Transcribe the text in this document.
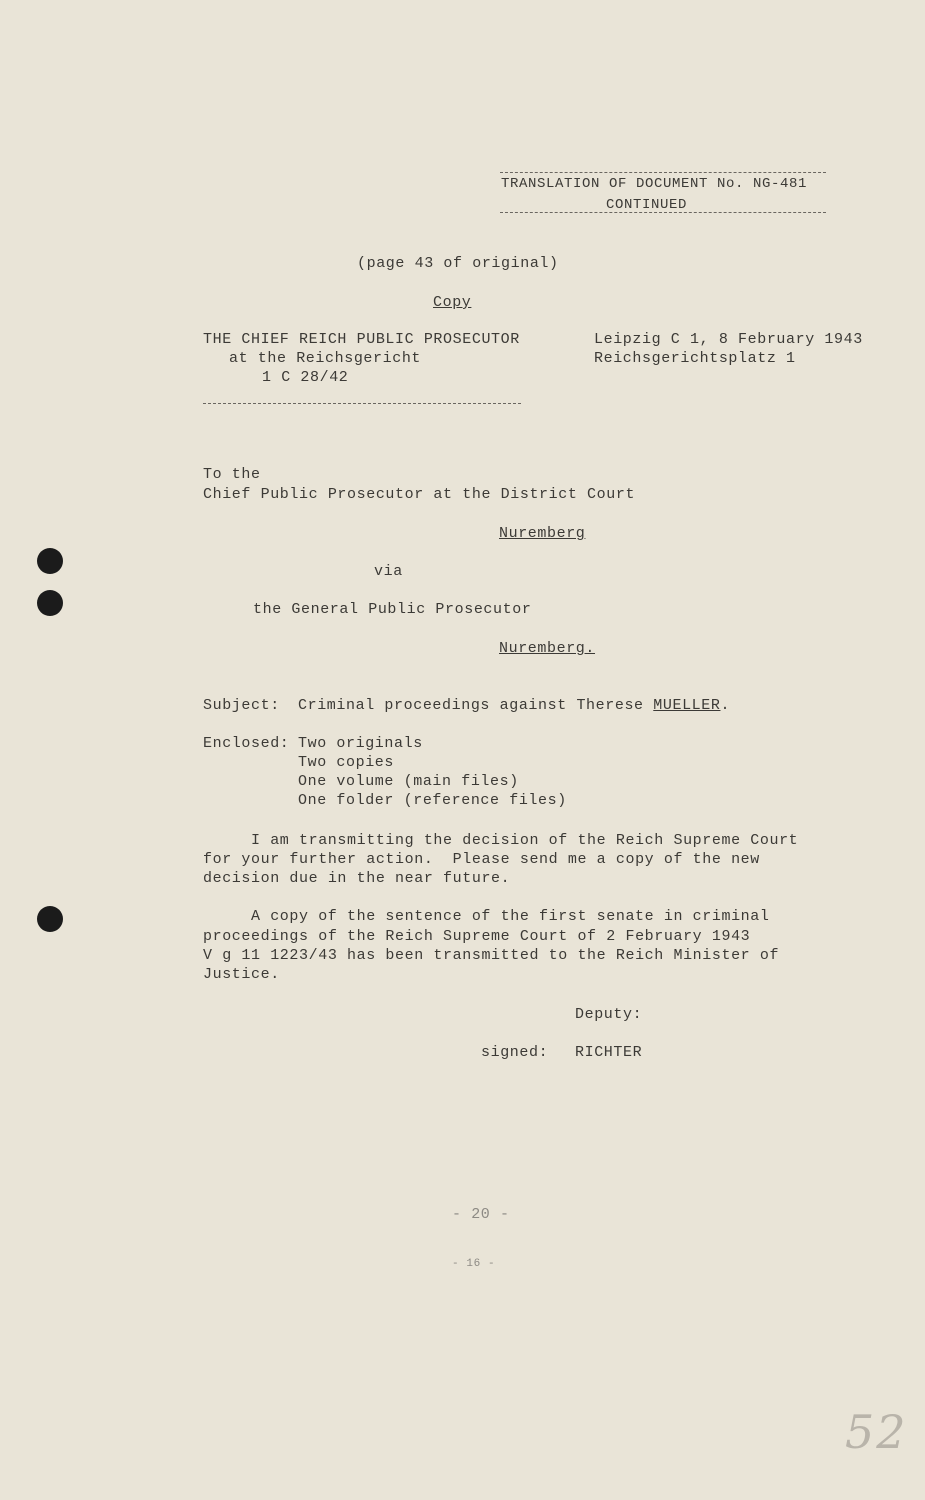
TRANSLATION OF DOCUMENT No. NG-481
CONTINUED
(page 43 of original)
Copy
THE CHIEF REICH PUBLIC PROSECUTOR
at the Reichsgericht
1 C 28/42
Leipzig C 1, 8 February 1943
Reichsgerichtsplatz 1
To the
Chief Public Prosecutor at the District Court
Nuremberg
via
the General Public Prosecutor
Nuremberg.
Subject: Criminal proceedings against Therese MUELLER.
Enclosed: Two originals
Two copies
One volume (main files)
One folder (reference files)
I am transmitting the decision of the Reich Supreme Court
for your further action.  Please send me a copy of the new
decision due in the near future.
A copy of the sentence of the first senate in criminal
proceedings of the Reich Supreme Court of 2 February 1943
V g 11 1223/43 has been transmitted to the Reich Minister of
Justice.
Deputy:
signed: RICHTER
- 20 -
- 16 -
52
